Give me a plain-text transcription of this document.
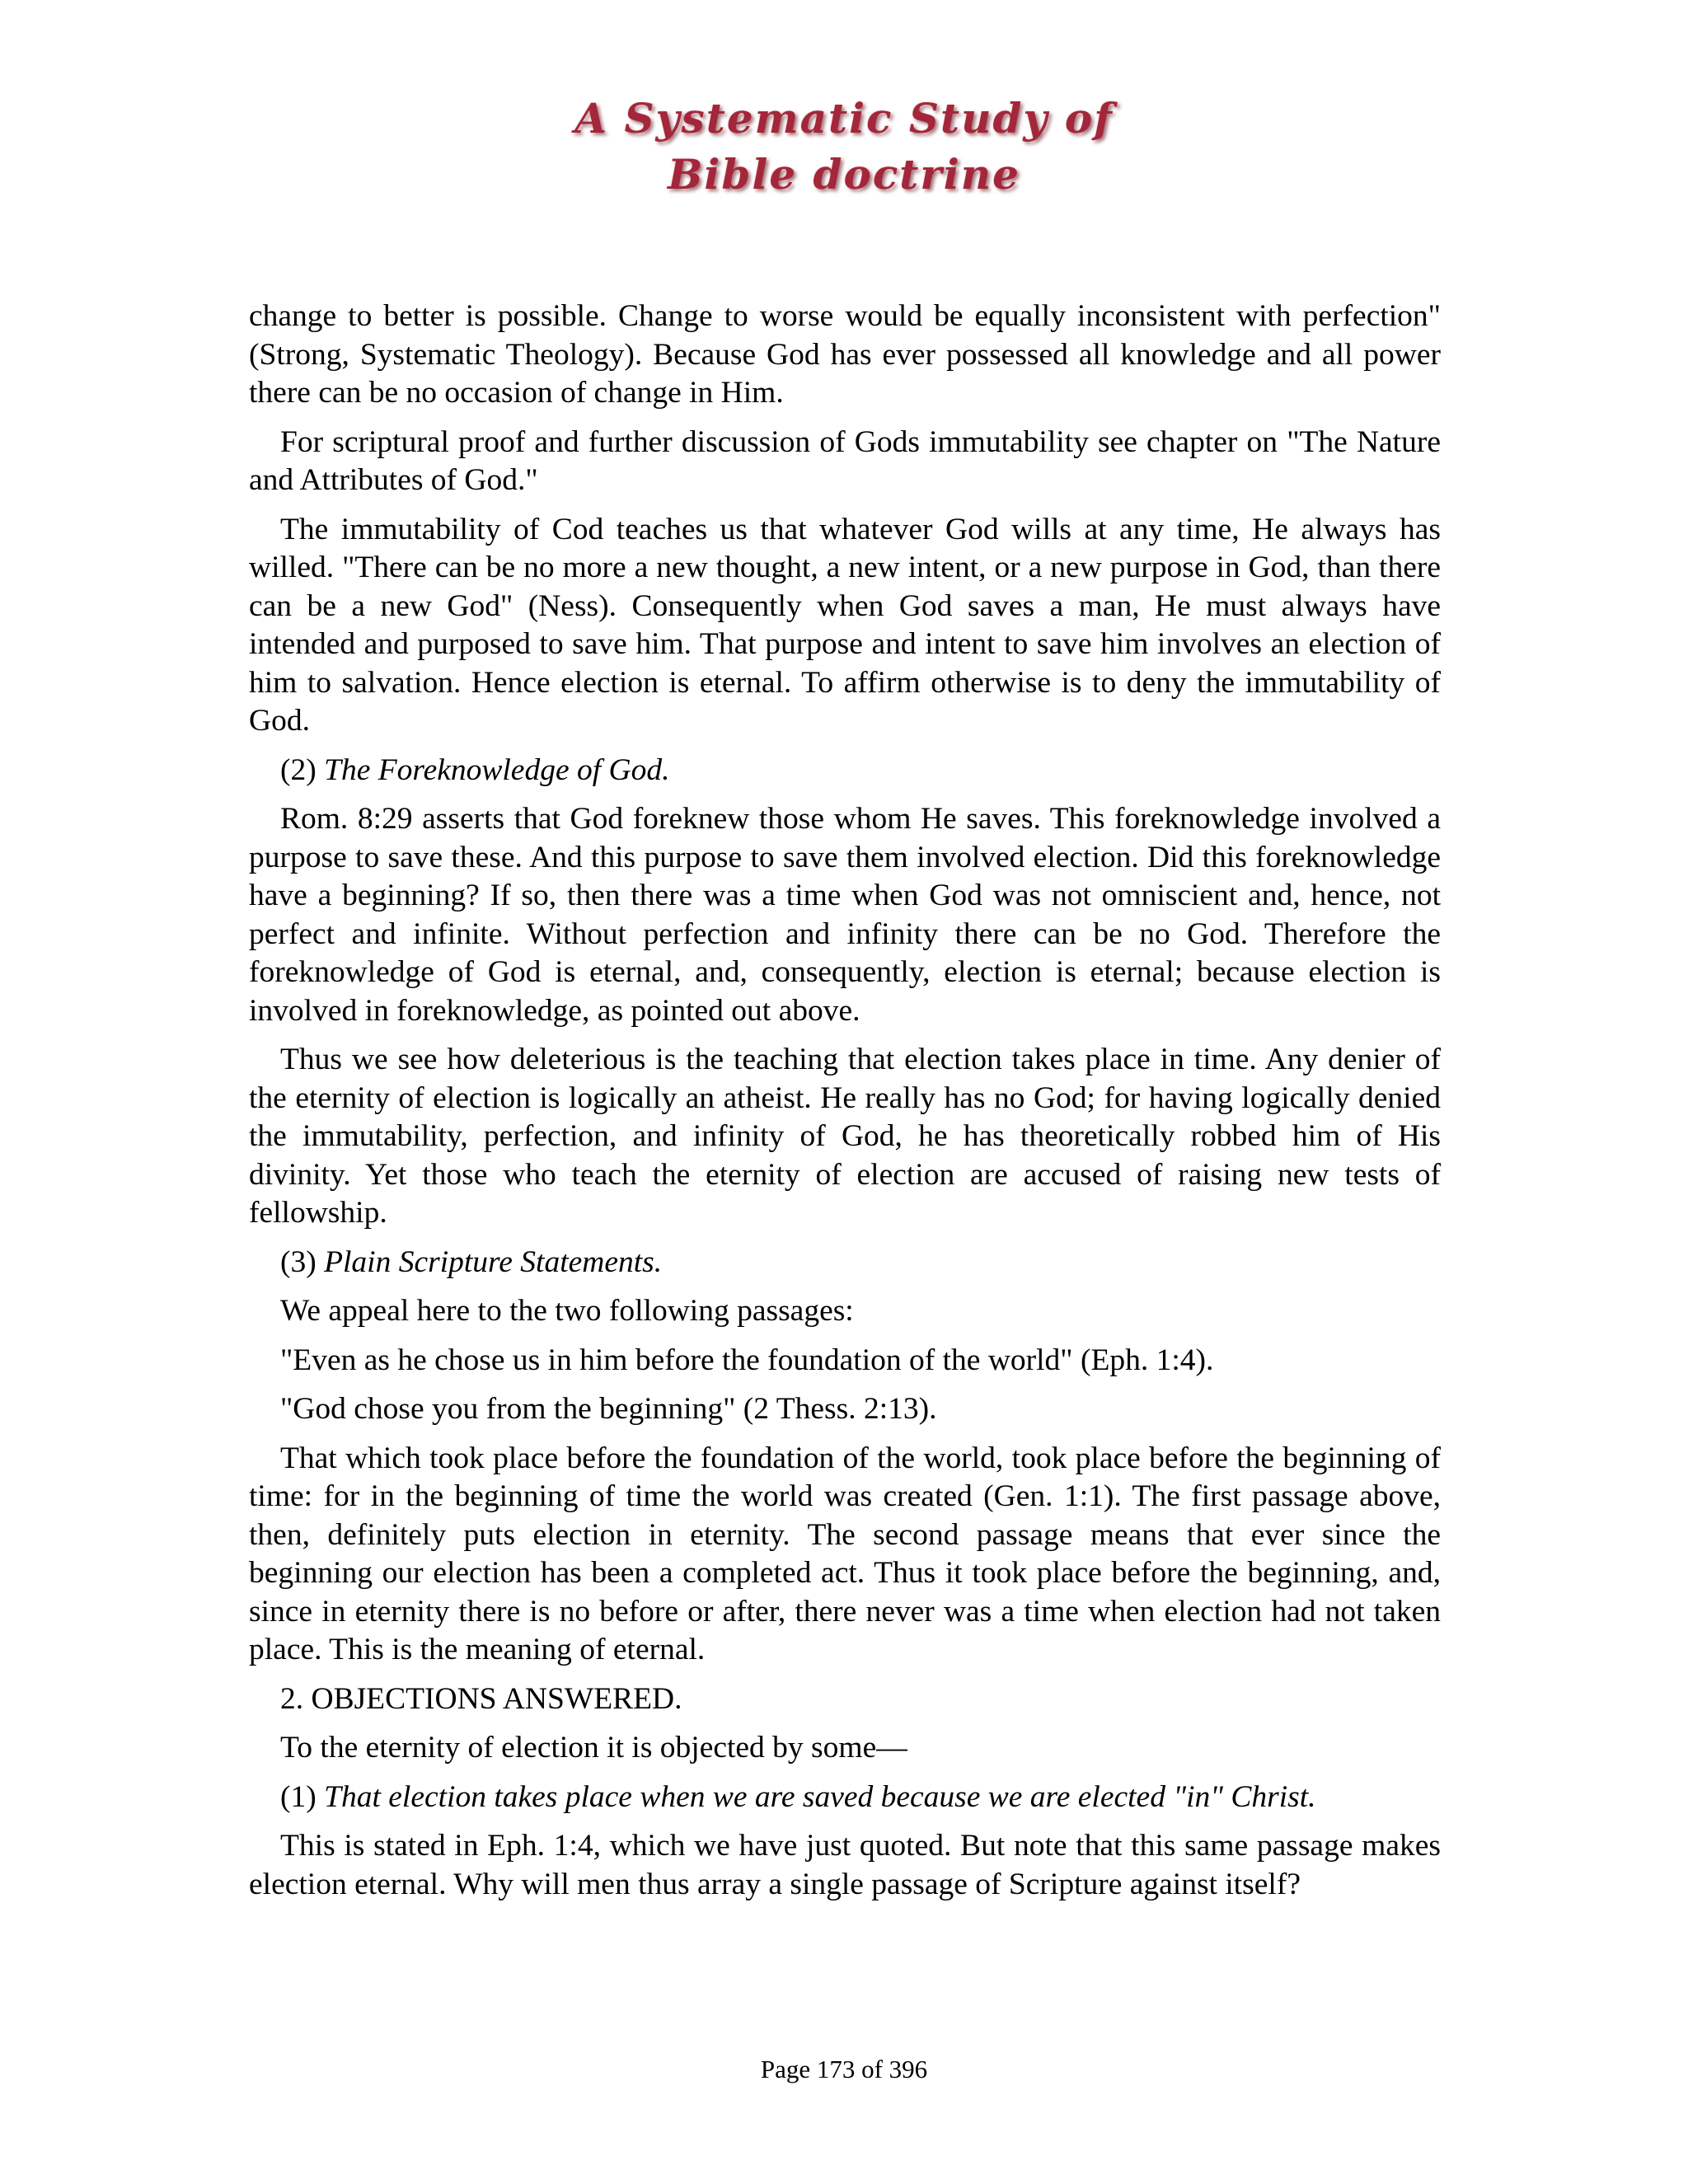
A Systematic Study of
Bible doctrine

change to better is possible. Change to worse would be equally inconsistent with perfection" (Strong, Systematic Theology). Because God has ever possessed all knowledge and all power there can be no occasion of change in Him.

For scriptural proof and further discussion of Gods immutability see chapter on "The Nature and Attributes of God."

The immutability of Cod teaches us that whatever God wills at any time, He always has willed. "There can be no more a new thought, a new intent, or a new purpose in God, than there can be a new God" (Ness). Consequently when God saves a man, He must always have intended and purposed to save him. That purpose and intent to save him involves an election of him to salvation. Hence election is eternal. To affirm otherwise is to deny the immutability of God.

(2) The Foreknowledge of God.

Rom. 8:29 asserts that God foreknew those whom He saves. This foreknowledge involved a purpose to save these. And this purpose to save them involved election. Did this foreknowledge have a beginning? If so, then there was a time when God was not omniscient and, hence, not perfect and infinite. Without perfection and infinity there can be no God. Therefore the foreknowledge of God is eternal, and, consequently, election is eternal; because election is involved in foreknowledge, as pointed out above.

Thus we see how deleterious is the teaching that election takes place in time. Any denier of the eternity of election is logically an atheist. He really has no God; for having logically denied the immutability, perfection, and infinity of God, he has theoretically robbed him of His divinity. Yet those who teach the eternity of election are accused of raising new tests of fellowship.

(3) Plain Scripture Statements.

We appeal here to the two following passages:

"Even as he chose us in him before the foundation of the world" (Eph. 1:4).

"God chose you from the beginning" (2 Thess. 2:13).

That which took place before the foundation of the world, took place before the beginning of time: for in the beginning of time the world was created (Gen. 1:1). The first passage above, then, definitely puts election in eternity. The second passage means that ever since the beginning our election has been a completed act. Thus it took place before the beginning, and, since in eternity there is no before or after, there never was a time when election had not taken place. This is the meaning of eternal.

2. OBJECTIONS ANSWERED.

To the eternity of election it is objected by some—

(1) That election takes place when we are saved because we are elected "in" Christ.

This is stated in Eph. 1:4, which we have just quoted. But note that this same passage makes election eternal. Why will men thus array a single passage of Scripture against itself?

Page 173 of 396
